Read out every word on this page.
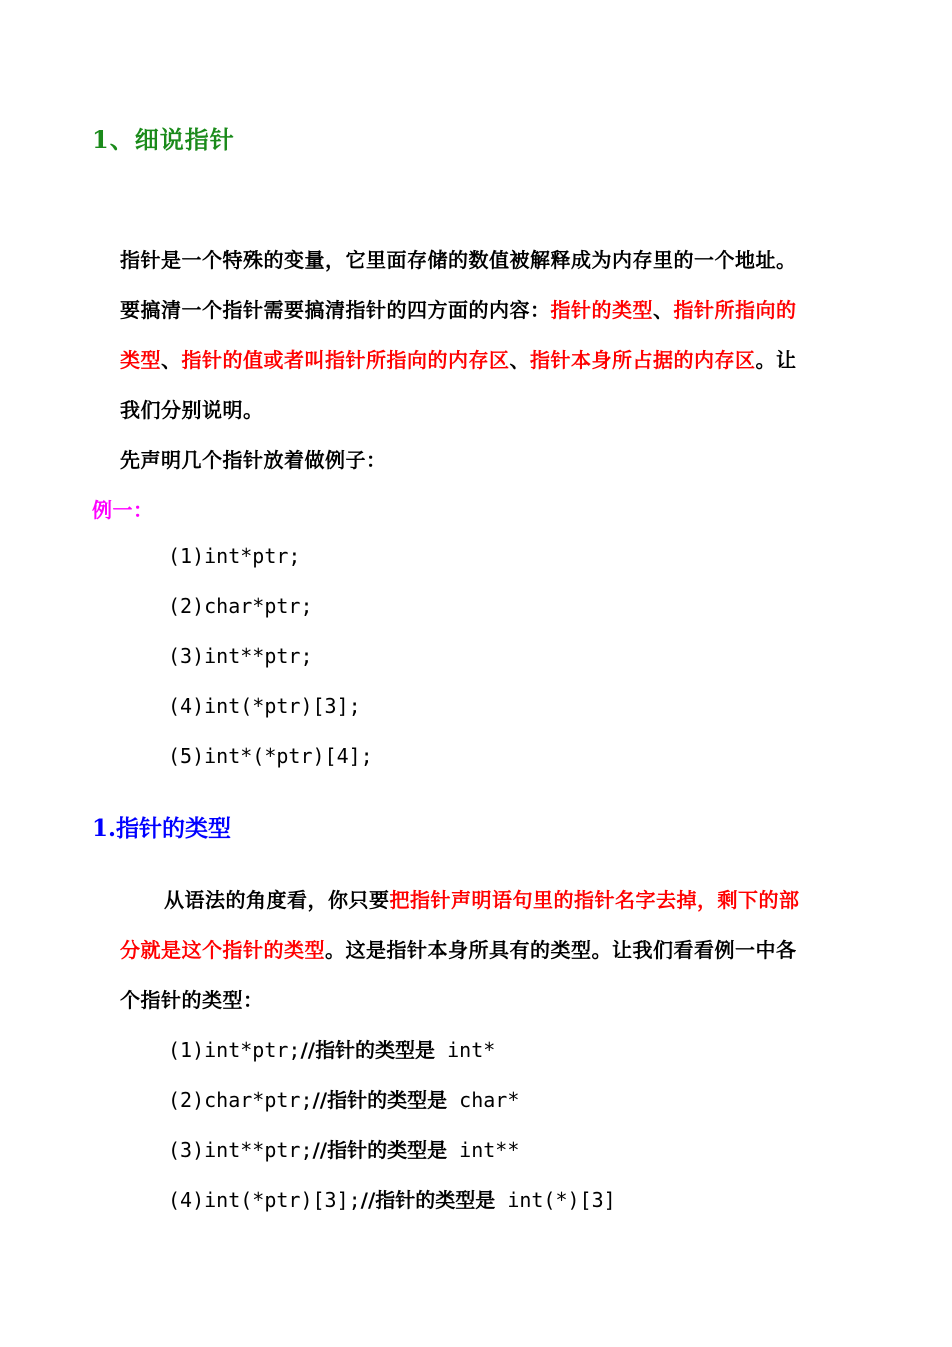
1、细说指针
指针是一个特殊的变量，它里面存储的数值被解释成为内存里的一个地址。
要搞清一个指针需要搞清指针的四方面的内容：指针的类型、指针所指向的
类型、指针的值或者叫指针所指向的内存区、指针本身所占据的内存区。让
我们分别说明。
先声明几个指针放着做例子：
例一：
(1)int*ptr;
(2)char*ptr;
(3)int**ptr;
(4)int(*ptr)[3];
(5)int*(*ptr)[4];
1.指针的类型
从语法的角度看，你只要把指针声明语句里的指针名字去掉，剩下的部
分就是这个指针的类型。这是指针本身所具有的类型。让我们看看例一中各
个指针的类型：
(1)int*ptr;//指针的类型是 int*
(2)char*ptr;//指针的类型是 char*
(3)int**ptr;//指针的类型是 int**
(4)int(*ptr)[3];//指针的类型是 int(*)[3]
